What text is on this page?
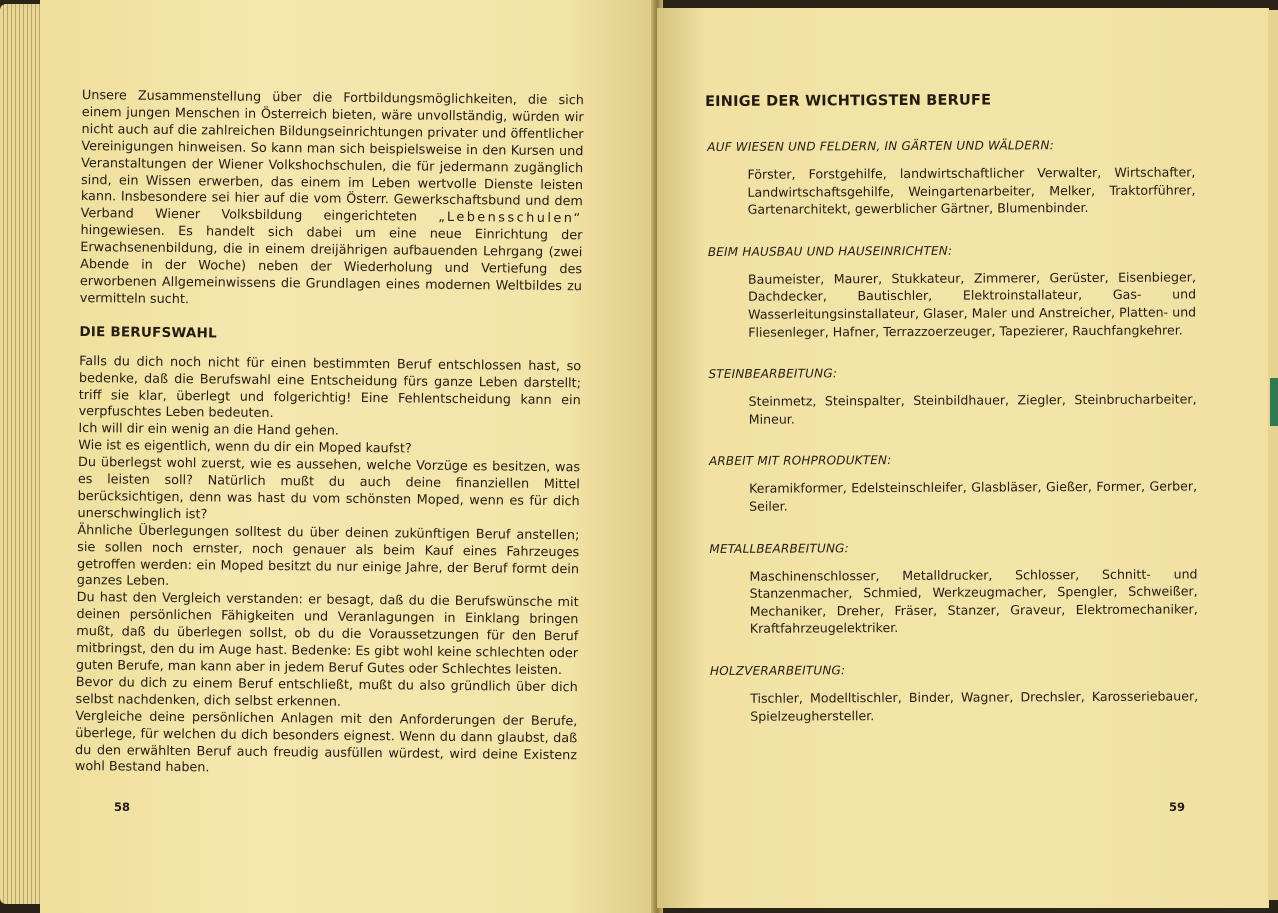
Unsere Zusammenstellung über die Fortbildungsmöglichkeiten, die sich einem jungen Menschen in Österreich bieten, wäre unvollständig, würden wir nicht auch auf die zahlreichen Bildungseinrichtungen privater und öffentlicher Vereinigungen hinweisen. So kann man sich beispielsweise in den Kursen und Veranstaltungen der Wiener Volkshochschulen, die für jedermann zugänglich sind, ein Wissen erwerben, das einem im Leben wertvolle Dienste leisten kann. Insbesondere sei hier auf die vom Österr. Gewerkschaftsbund und dem Verband Wiener Volksbildung eingerichteten „Lebensschulen“ hingewiesen. Es handelt sich dabei um eine neue Einrichtung der Erwachsenenbildung, die in einem dreijährigen aufbauenden Lehrgang (zwei Abende in der Woche) neben der Wiederholung und Vertiefung des erworbenen Allgemeinwissens die Grundlagen eines modernen Weltbildes zu vermitteln sucht.

DIE BERUFSWAHL

Falls du dich noch nicht für einen bestimmten Beruf entschlossen hast, so bedenke, daß die Berufswahl eine Entscheidung fürs ganze Leben darstellt; triff sie klar, überlegt und folgerichtig! Eine Fehlentscheidung kann ein verpfuschtes Leben bedeuten.

Ich will dir ein wenig an die Hand gehen.

Wie ist es eigentlich, wenn du dir ein Moped kaufst?

Du überlegst wohl zuerst, wie es aussehen, welche Vorzüge es besitzen, was es leisten soll? Natürlich mußt du auch deine finanziellen Mittel berücksichtigen, denn was hast du vom schönsten Moped, wenn es für dich unerschwinglich ist?

Ähnliche Überlegungen solltest du über deinen zukünftigen Beruf anstellen; sie sollen noch ernster, noch genauer als beim Kauf eines Fahrzeuges getroffen werden: ein Moped besitzt du nur einige Jahre, der Beruf formt dein ganzes Leben.

Du hast den Vergleich verstanden: er besagt, daß du die Berufswünsche mit deinen persönlichen Fähigkeiten und Veranlagungen in Einklang bringen mußt, daß du überlegen sollst, ob du die Voraussetzungen für den Beruf mitbringst, den du im Auge hast. Bedenke: Es gibt wohl keine schlechten oder guten Berufe, man kann aber in jedem Beruf Gutes oder Schlechtes leisten.

Bevor du dich zu einem Beruf entschließt, mußt du also gründlich über dich selbst nachdenken, dich selbst erkennen.

Vergleiche deine persönlichen Anlagen mit den Anforderungen der Berufe, überlege, für welchen du dich besonders eignest. Wenn du dann glaubst, daß du den erwählten Beruf auch freudig ausfüllen würdest, wird deine Existenz wohl Bestand haben.

58
EINIGE DER WICHTIGSTEN BERUFE
AUF WIESEN UND FELDERN, IN GÄRTEN UND WÄLDERN:
Förster, Forstgehilfe, landwirtschaftlicher Verwalter, Wirtschafter, Landwirtschaftsgehilfe, Weingartenarbeiter, Melker, Traktorführer, Gartenarchitekt, gewerblicher Gärtner, Blumenbinder.
BEIM HAUSBAU UND HAUSEINRICHTEN:
Baumeister, Maurer, Stukkateur, Zimmerer, Gerüster, Eisenbieger, Dachdecker, Bautischler, Elektroinstallateur, Gas- und Wasserleitungsinstallateur, Glaser, Maler und Anstreicher, Platten- und Fliesenleger, Hafner, Terrazzoerzeuger, Tapezierer, Rauchfangkehrer.
STEINBEARBEITUNG:
Steinmetz, Steinspalter, Steinbildhauer, Ziegler, Steinbrucharbeiter, Mineur.
ARBEIT MIT ROHPRODUKTEN:
Keramikformer, Edelsteinschleifer, Glasbläser, Gießer, Former, Gerber, Seiler.
METALLBEARBEITUNG:
Maschinenschlosser, Metalldrucker, Schlosser, Schnitt- und Stanzenmacher, Schmied, Werkzeugmacher, Spengler, Schweißer, Mechaniker, Dreher, Fräser, Stanzer, Graveur, Elektromechaniker, Kraftfahrzeugelektriker.
HOLZVERARBEITUNG:
Tischler, Modelltischler, Binder, Wagner, Drechsler, Karosseriebauer, Spielzeughersteller.
59
